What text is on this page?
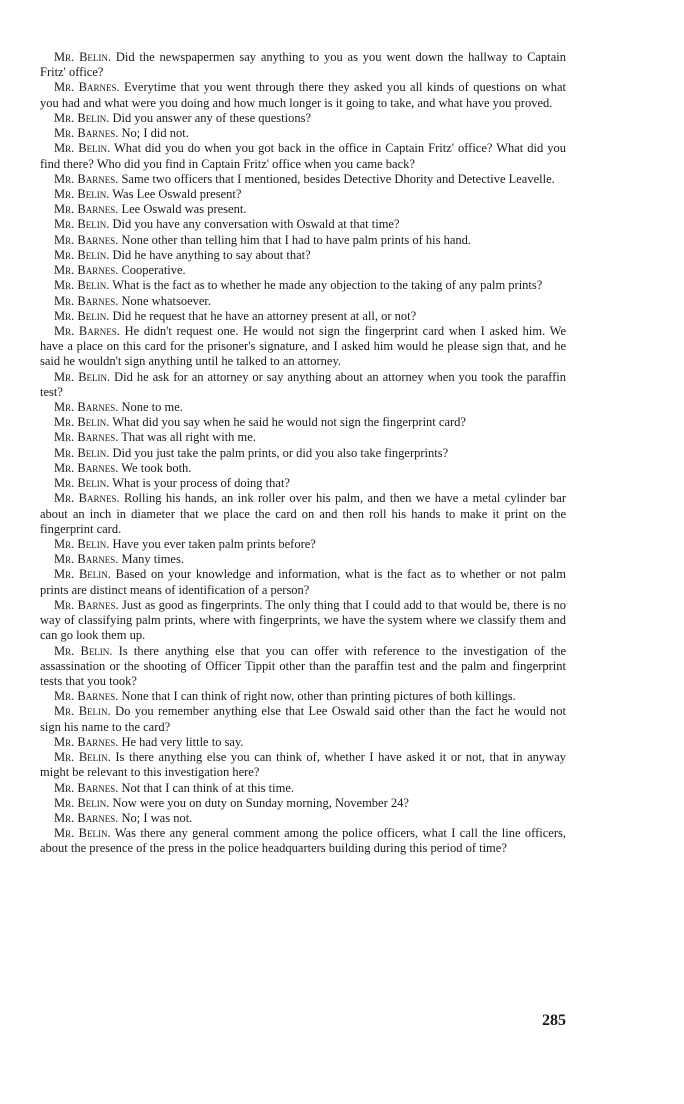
Mr. Belin. Did the newspapermen say anything to you as you went down the hallway to Captain Fritz' office?

Mr. Barnes. Everytime that you went through there they asked you all kinds of questions on what you had and what were you doing and how much longer is it going to take, and what have you proved.

Mr. Belin. Did you answer any of these questions?

Mr. Barnes. No; I did not.

Mr. Belin. What did you do when you got back in the office in Captain Fritz' office? What did you find there? Who did you find in Captain Fritz' office when you came back?

Mr. Barnes. Same two officers that I mentioned, besides Detective Dhority and Detective Leavelle.

Mr. Belin. Was Lee Oswald present?

Mr. Barnes. Lee Oswald was present.

Mr. Belin. Did you have any conversation with Oswald at that time?

Mr. Barnes. None other than telling him that I had to have palm prints of his hand.

Mr. Belin. Did he have anything to say about that?

Mr. Barnes. Cooperative.

Mr. Belin. What is the fact as to whether he made any objection to the taking of any palm prints?

Mr. Barnes. None whatsoever.

Mr. Belin. Did he request that he have an attorney present at all, or not?

Mr. Barnes. He didn't request one. He would not sign the fingerprint card when I asked him. We have a place on this card for the prisoner's signature, and I asked him would he please sign that, and he said he wouldn't sign anything until he talked to an attorney.

Mr. Belin. Did he ask for an attorney or say anything about an attorney when you took the paraffin test?

Mr. Barnes. None to me.

Mr. Belin. What did you say when he said he would not sign the fingerprint card?

Mr. Barnes. That was all right with me.

Mr. Belin. Did you just take the palm prints, or did you also take fingerprints?

Mr. Barnes. We took both.

Mr. Belin. What is your process of doing that?

Mr. Barnes. Rolling his hands, an ink roller over his palm, and then we have a metal cylinder bar about an inch in diameter that we place the card on and then roll his hands to make it print on the fingerprint card.

Mr. Belin. Have you ever taken palm prints before?

Mr. Barnes. Many times.

Mr. Belin. Based on your knowledge and information, what is the fact as to whether or not palm prints are distinct means of identification of a person?

Mr. Barnes. Just as good as fingerprints. The only thing that I could add to that would be, there is no way of classifying palm prints, where with fingerprints, we have the system where we classify them and can go look them up.

Mr. Belin. Is there anything else that you can offer with reference to the investigation of the assassination or the shooting of Officer Tippit other than the paraffin test and the palm and fingerprint tests that you took?

Mr. Barnes. None that I can think of right now, other than printing pictures of both killings.

Mr. Belin. Do you remember anything else that Lee Oswald said other than the fact he would not sign his name to the card?

Mr. Barnes. He had very little to say.

Mr. Belin. Is there anything else you can think of, whether I have asked it or not, that in anyway might be relevant to this investigation here?

Mr. Barnes. Not that I can think of at this time.

Mr. Belin. Now were you on duty on Sunday morning, November 24?

Mr. Barnes. No; I was not.

Mr. Belin. Was there any general comment among the police officers, what I call the line officers, about the presence of the press in the police headquarters building during this period of time?

285
